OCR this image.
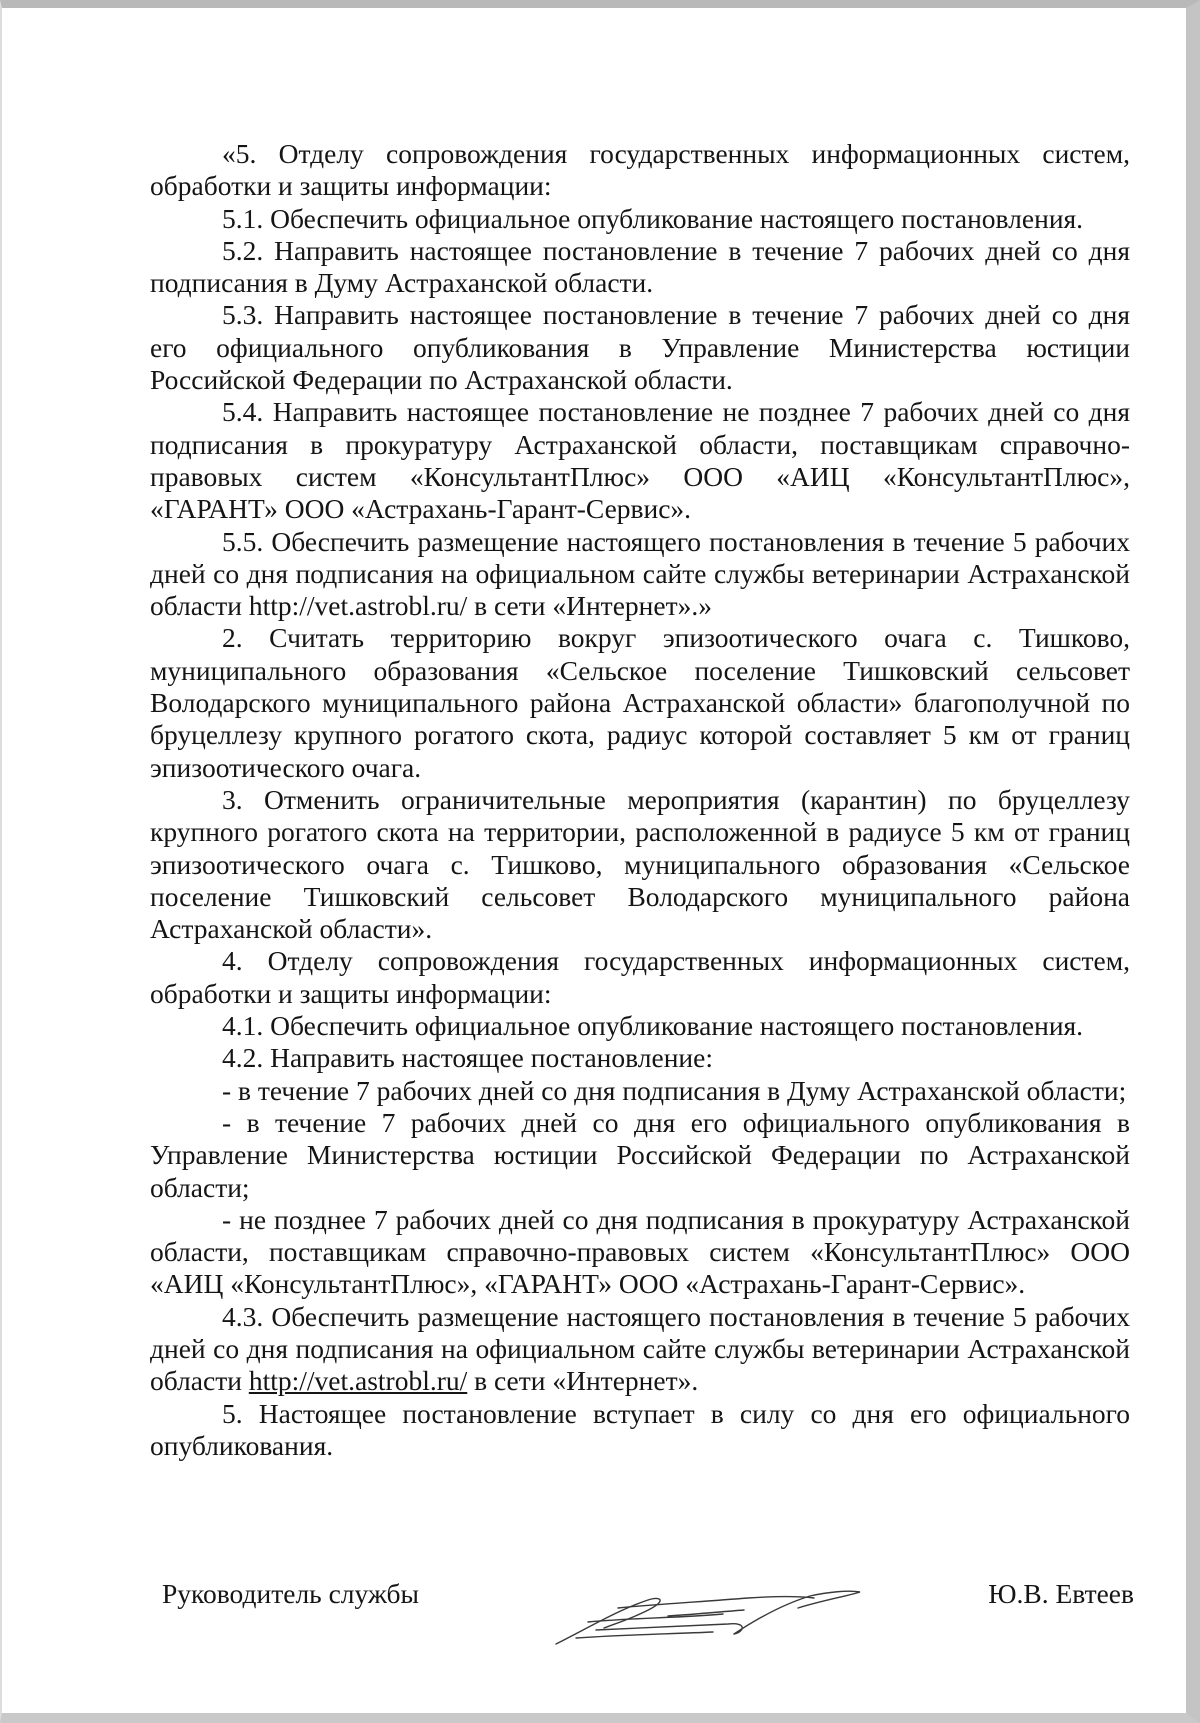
«5. Отделу сопровождения государственных информационных систем, обработки и защиты информации:

5.1. Обеспечить официальное опубликование настоящего постановления.

5.2. Направить настоящее постановление в течение 7 рабочих дней со дня подписания в Думу Астраханской области.

5.3. Направить настоящее постановление в течение 7 рабочих дней со дня его официального опубликования в Управление Министерства юстиции Российской Федерации по Астраханской области.

5.4. Направить настоящее постановление не позднее 7 рабочих дней со дня подписания в прокуратуру Астраханской области, поставщикам справочно-правовых систем «КонсультантПлюс» ООО «АИЦ «КонсультантПлюс», «ГАРАНТ» ООО «Астрахань-Гарант-Сервис».

5.5. Обеспечить размещение настоящего постановления в течение 5 рабочих дней со дня подписания на официальном сайте службы ветеринарии Астраханской области http://vet.astrobl.ru/ в сети «Интернет».»

2. Считать территорию вокруг эпизоотического очага с. Тишково, муниципального образования «Сельское поселение Тишковский сельсовет Володарского муниципального района Астраханской области» благополучной по бруцеллезу крупного рогатого скота, радиус которой составляет 5 км от границ эпизоотического очага.

3. Отменить ограничительные мероприятия (карантин) по бруцеллезу крупного рогатого скота на территории, расположенной в радиусе 5 км от границ эпизоотического очага с. Тишково, муниципального образования «Сельское поселение Тишковский сельсовет Володарского муниципального района Астраханской области».

4. Отделу сопровождения государственных информационных систем, обработки и защиты информации:

4.1. Обеспечить официальное опубликование настоящего постановления.

4.2. Направить настоящее постановление:

- в течение 7 рабочих дней со дня подписания в Думу Астраханской области;

- в течение 7 рабочих дней со дня его официального опубликования в Управление Министерства юстиции Российской Федерации по Астраханской области;

- не позднее 7 рабочих дней со дня подписания в прокуратуру Астраханской области, поставщикам справочно-правовых систем «КонсультантПлюс» ООО «АИЦ «КонсультантПлюс», «ГАРАНТ» ООО «Астрахань-Гарант-Сервис».

4.3. Обеспечить размещение настоящего постановления в течение 5 рабочих дней со дня подписания на официальном сайте службы ветеринарии Астраханской области http://vet.astrobl.ru/ в сети «Интернет».

5. Настоящее постановление вступает в силу со дня его официального опубликования.

Руководитель службы	Ю.В. Евтеев
